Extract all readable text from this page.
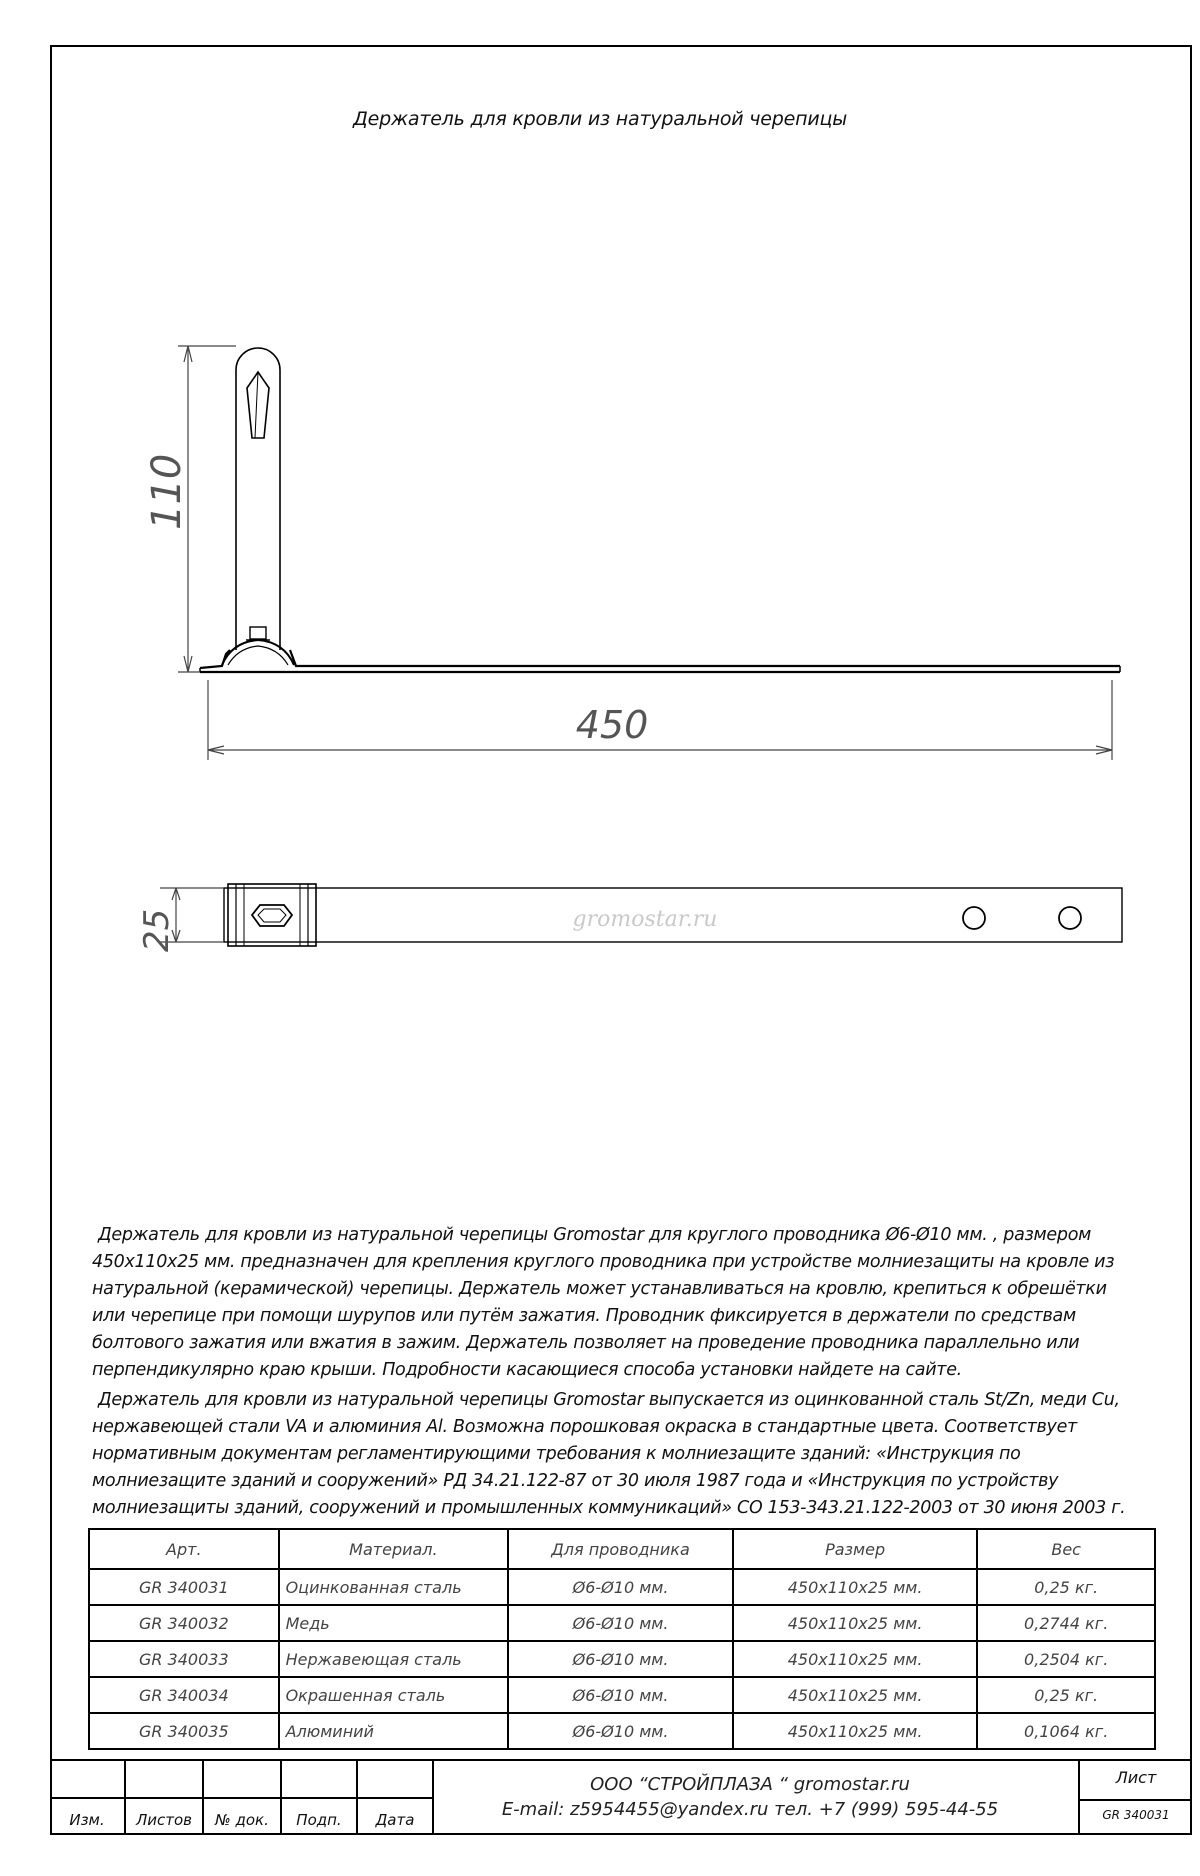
Держатель для кровли из натуральной черепицы
110
450
gromostar.ru
25

Держатель для кровли из натуральной черепицы Gromostar для круглого проводника Ø6-Ø10 мм. , размером 450х110х25 мм. предназначен для крепления круглого проводника при устройстве молниезащиты на кровле из натуральной (керамической) черепицы. Держатель может устанавливаться на кровлю, крепиться к обрешётки или черепице при помощи шурупов или путём зажатия. Проводник фиксируется в держатели по средствам болтового зажатия или вжатия в зажим. Держатель позволяет на проведение проводника параллельно или перпендикулярно краю крыши. Подробности касающиеся способа установки найдете на сайте.

Держатель для кровли из натуральной черепицы Gromostar выпускается из оцинкованной сталь St/Zn, меди Cu, нержавеющей стали VA и алюминия Al. Возможна порошковая окраска в стандартные цвета. Соответствует нормативным документам регламентирующими требования к молниезащите зданий: «Инструкция по молниезащите зданий и сооружений» РД 34.21.122-87 от 30 июля 1987 года и «Инструкция по устройству молниезащиты зданий, сооружений и промышленных коммуникаций» СО 153-343.21.122-2003 от 30 июня 2003 г.

Арт.	Материал.	Для проводника	Размер	Вес
GR 340031	Оцинкованная сталь	Ø6-Ø10 мм.	450х110х25 мм.	0,25 кг.
GR 340032	Медь	Ø6-Ø10 мм.	450х110х25 мм.	0,2744 кг.
GR 340033	Нержавеющая сталь	Ø6-Ø10 мм.	450х110х25 мм.	0,2504 кг.
GR 340034	Окрашенная сталь	Ø6-Ø10 мм.	450х110х25 мм.	0,25 кг.
GR 340035	Алюминий	Ø6-Ø10 мм.	450х110х25 мм.	0,1064 кг.
Изм.	Листов	№ док.	Подп.	Дата
ООО “СТРОЙПЛАЗА “ gromostar.ru
E-mail: z5954455@yandex.ru тел. +7 (999) 595-44-55
Лист
GR 340031
